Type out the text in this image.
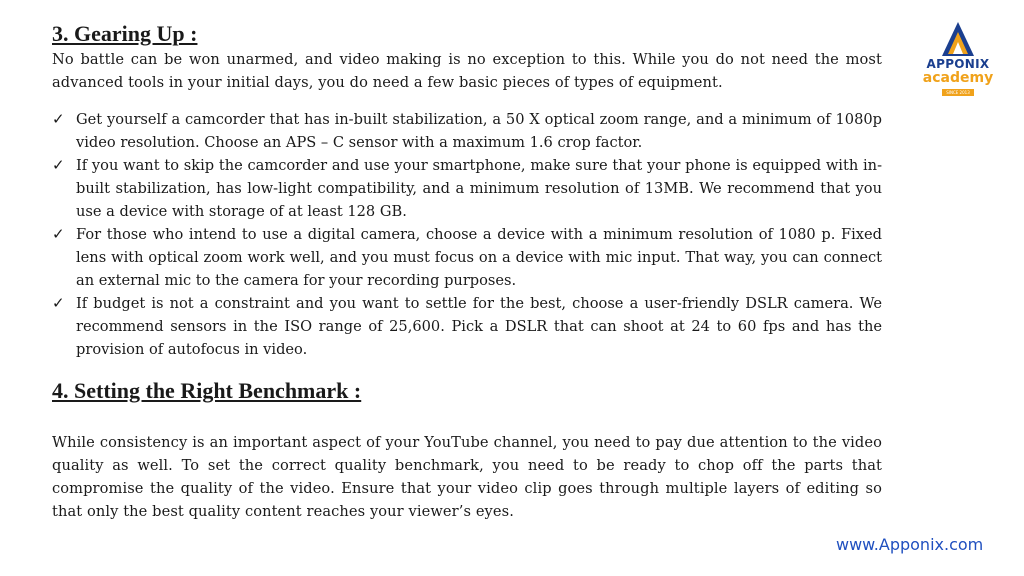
3. Gearing Up :

No battle can be won unarmed, and video making is no exception to this. While you do not need the most advanced tools in your initial days, you do need a few basic pieces of types of equipment.

✓ Get yourself a camcorder that has in-built stabilization, a 50 X optical zoom range, and a minimum of 1080p video resolution. Choose an APS – C sensor with a maximum 1.6 crop factor.
✓ If you want to skip the camcorder and use your smartphone, make sure that your phone is equipped with in-built stabilization, has low-light compatibility, and a minimum resolution of 13MB. We recommend that you use a device with storage of at least 128 GB.
✓ For those who intend to use a digital camera, choose a device with a minimum resolution of 1080 p. Fixed lens with optical zoom work well, and you must focus on a device with mic input. That way, you can connect an external mic to the camera for your recording purposes.
✓ If budget is not a constraint and you want to settle for the best, choose a user-friendly DSLR camera. We recommend sensors in the ISO range of 25,600. Pick a DSLR that can shoot at 24 to 60 fps and has the provision of autofocus in video.
4. Setting the Right Benchmark :

While consistency is an important aspect of your YouTube channel, you need to pay due attention to the video quality as well. To set the correct quality benchmark, you need to be ready to chop off the parts that compromise the quality of the video. Ensure that your video clip goes through multiple layers of editing so that only the best quality content reaches your viewer’s eyes.

APPONIX
academy
SINCE 2013
www.Apponix.com
